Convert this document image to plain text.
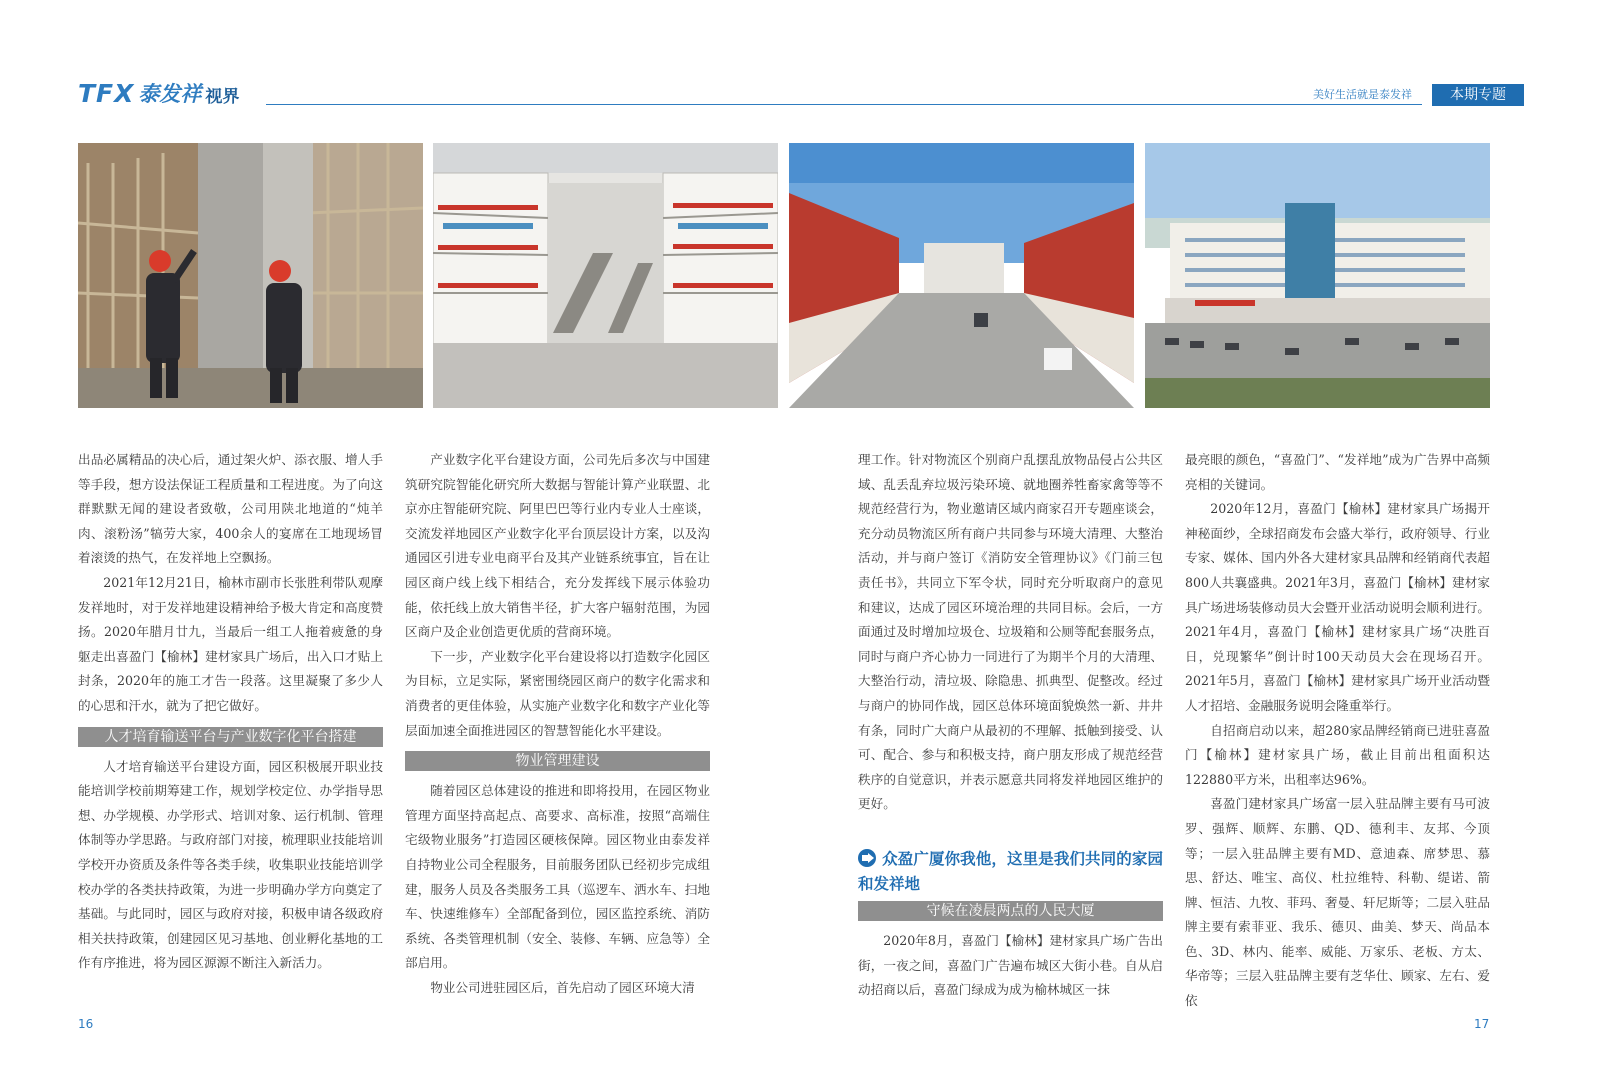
TFX 泰发祥 视界	美好生活就是泰发祥	本期专题

出品必属精品的决心后，通过架火炉、添衣服、增人手等手段，想方设法保证工程质量和工程进度。为了向这群默默无闻的建设者致敬，公司用陕北地道的“炖羊肉、滚粉汤”犒劳大家，400余人的宴席在工地现场冒着滚烫的热气，在发祥地上空飘扬。

2021年12月21日，榆林市副市长张胜利带队观摩发祥地时，对于发祥地建设精神给予极大肯定和高度赞扬。2020年腊月廿九，当最后一组工人拖着疲惫的身躯走出喜盈门【榆林】建材家具广场后，出入口才贴上封条，2020年的施工才告一段落。这里凝聚了多少人的心思和汗水，就为了把它做好。

人才培育输送平台与产业数字化平台搭建

人才培育输送平台建设方面，园区积极展开职业技能培训学校前期筹建工作，规划学校定位、办学指导思想、办学规模、办学形式、培训对象、运行机制、管理体制等办学思路。与政府部门对接，梳理职业技能培训学校开办资质及条件等各类手续，收集职业技能培训学校办学的各类扶持政策，为进一步明确办学方向奠定了基础。与此同时，园区与政府对接，积极申请各级政府相关扶持政策，创建园区见习基地、创业孵化基地的工作有序推进，将为园区源源不断注入新活力。

产业数字化平台建设方面，公司先后多次与中国建筑研究院智能化研究所大数据与智能计算产业联盟、北京亦庄智能研究院、阿里巴巴等行业内专业人士座谈，交流发祥地园区产业数字化平台顶层设计方案，以及沟通园区引进专业电商平台及其产业链系统事宜，旨在让园区商户线上线下相结合，充分发挥线下展示体验功能，依托线上放大销售半径，扩大客户辐射范围，为园区商户及企业创造更优质的营商环境。

下一步，产业数字化平台建设将以打造数字化园区为目标，立足实际，紧密围绕园区商户的数字化需求和消费者的更佳体验，从实施产业数字化和数字产业化等层面加速全面推进园区的智慧智能化水平建设。

物业管理建设

随着园区总体建设的推进和即将投用，在园区物业管理方面坚持高起点、高要求、高标准，按照“高端住宅级物业服务”打造园区硬核保障。园区物业由泰发祥自持物业公司全程服务，目前服务团队已经初步完成组建，服务人员及各类服务工具（巡逻车、洒水车、扫地车、快速维修车）全部配备到位，园区监控系统、消防系统、各类管理机制（安全、装修、车辆、应急等）全部启用。

物业公司进驻园区后，首先启动了园区环境大清

理工作。针对物流区个别商户乱摆乱放物品侵占公共区域、乱丢乱弃垃圾污染环境、就地圈养牲畜家禽等等不规范经营行为，物业邀请区域内商家召开专题座谈会，充分动员物流区所有商户共同参与环境大清理、大整治活动，并与商户签订《消防安全管理协议》《门前三包责任书》，共同立下军令状，同时充分听取商户的意见和建议，达成了园区环境治理的共同目标。会后，一方面通过及时增加垃圾仓、垃圾箱和公厕等配套服务点，同时与商户齐心协力一同进行了为期半个月的大清理、大整治行动，清垃圾、除隐患、抓典型、促整改。经过与商户的协同作战，园区总体环境面貌焕然一新、井井有条，同时广大商户从最初的不理解、抵触到接受、认可、配合、参与和积极支持，商户朋友形成了规范经营秩序的自觉意识，并表示愿意共同将发祥地园区维护的更好。

众盈广厦你我他，这里是我们共同的家园和发祥地
守候在凌晨两点的人民大厦

2020年8月，喜盈门【榆林】建材家具广场广告出街，一夜之间，喜盈门广告遍布城区大街小巷。自从启动招商以后，喜盈门绿成为成为榆林城区一抹

最亮眼的颜色，“喜盈门”、“发祥地”成为广告界中高频亮相的关键词。

2020年12月，喜盈门【榆林】建材家具广场揭开神秘面纱，全球招商发布会盛大举行，政府领导、行业专家、媒体、国内外各大建材家具品牌和经销商代表超800人共襄盛典。2021年3月，喜盈门【榆林】建材家具广场进场装修动员大会暨开业活动说明会顺利进行。2021年4月，喜盈门【榆林】建材家具广场“决胜百日，兑现繁华”倒计时100天动员大会在现场召开。2021年5月，喜盈门【榆林】建材家具广场开业活动暨人才招培、金融服务说明会隆重举行。

自招商启动以来，超280家品牌经销商已进驻喜盈门【榆林】建材家具广场，截止目前出租面积达122880平方米，出租率达96%。

喜盈门建材家具广场富一层入驻品牌主要有马可波罗、强辉、顺辉、东鹏、QD、德利丰、友邦、今顶等；一层入驻品牌主要有MD、意迪森、席梦思、慕思、舒达、唯宝、高仪、杜拉维特、科勒、缇诺、箭牌、恒洁、九牧、菲玛、奢曼、轩尼斯等；二层入驻品牌主要有索菲亚、我乐、德贝、曲美、梦天、尚品本色、3D、林内、能率、威能、万家乐、老板、方太、华帝等；三层入驻品牌主要有芝华仕、顾家、左右、爱依

16	17
